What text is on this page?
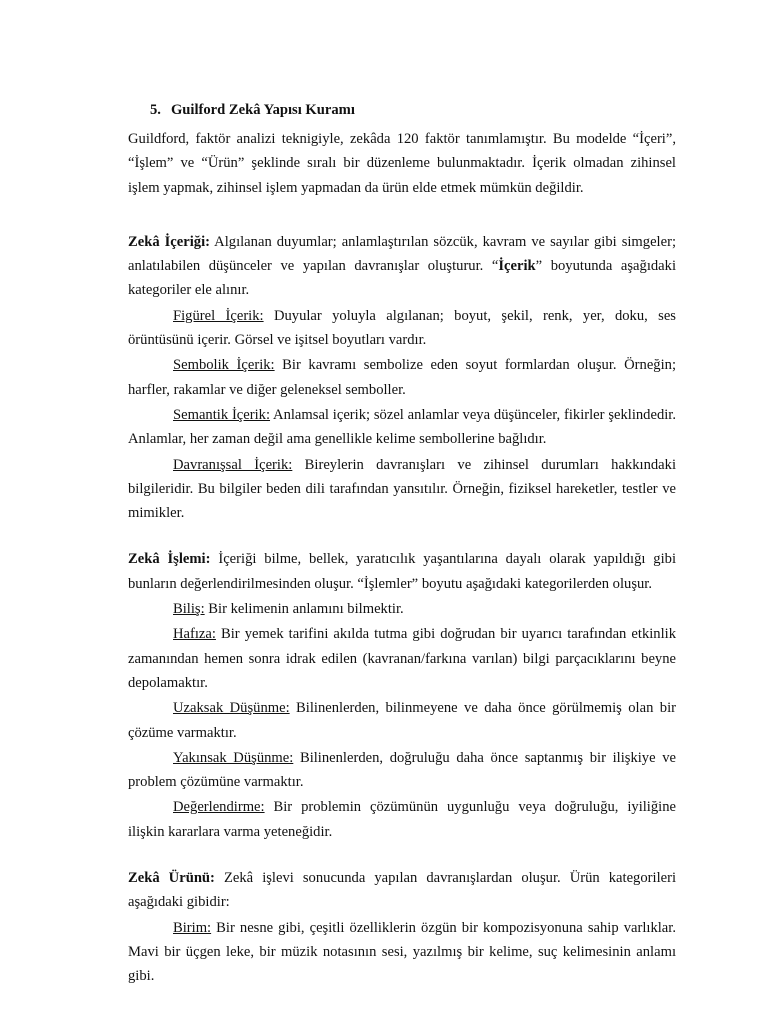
5. Guilford Zekâ Yapısı Kuramı

Guildford, faktör analizi teknigiyle, zekâda 120 faktör tanımlamıştır. Bu modelde “İçeri”, “İşlem” ve “Ürün” şeklinde sıralı bir düzenleme bulunmaktadır. İçerik olmadan zihinsel işlem yapmak, zihinsel işlem yapmadan da ürün elde etmek mümkün değildir.

Zekâ İçeriği: Algılanan duyumlar; anlamlaştırılan sözcük, kavram ve sayılar gibi simgeler; anlatılabilen düşünceler ve yapılan davranışlar oluşturur. “İçerik” boyutunda aşağıdaki kategoriler ele alınır.

Figürel İçerik: Duyular yoluyla algılanan; boyut, şekil, renk, yer, doku, ses örüntüsünü içerir. Görsel ve işitsel boyutları vardır.

Sembolik İçerik: Bir kavramı sembolize eden soyut formlardan oluşur. Örneğin; harfler, rakamlar ve diğer geleneksel semboller.

Semantik İçerik: Anlamsal içerik; sözel anlamlar veya düşünceler, fikirler şeklindedir. Anlamlar, her zaman değil ama genellikle kelime sembollerine bağlıdır.

Davranışsal İçerik: Bireylerin davranışları ve zihinsel durumları hakkındaki bilgileridir. Bu bilgiler beden dili tarafından yansıtılır. Örneğin, fiziksel hareketler, testler ve mimikler.

Zekâ İşlemi: İçeriği bilme, bellek, yaratıcılık yaşantılarına dayalı olarak yapıldığı gibi bunların değerlendirilmesinden oluşur. “İşlemler” boyutu aşağıdaki kategorilerden oluşur.

Biliş: Bir kelimenin anlamını bilmektir.

Hafıza: Bir yemek tarifini akılda tutma gibi doğrudan bir uyarıcı tarafından etkinlik zamanından hemen sonra idrak edilen (kavranan/farkına varılan) bilgi parçacıklarını beyne depolamaktır.

Uzaksak Düşünme: Bilinenlerden, bilinmeyene ve daha önce görülmemiş olan bir çözüme varmaktır.

Yakınsak Düşünme: Bilinenlerden, doğruluğu daha önce saptanmış bir ilişkiye ve problem çözümüne varmaktır.

Değerlendirme: Bir problemin çözümünün uygunluğu veya doğruluğu, iyiliğine ilişkin kararlara varma yeteneğidir.

Zekâ Ürünü: Zekâ işlevi sonucunda yapılan davranışlardan oluşur. Ürün kategorileri aşağıdaki gibidir:

Birim: Bir nesne gibi, çeşitli özelliklerin özgün bir kompozisyonuna sahip varlıklar. Mavi bir üçgen leke, bir müzik notasının sesi, yazılmış bir kelime, suç kelimesinin anlamı gibi.
